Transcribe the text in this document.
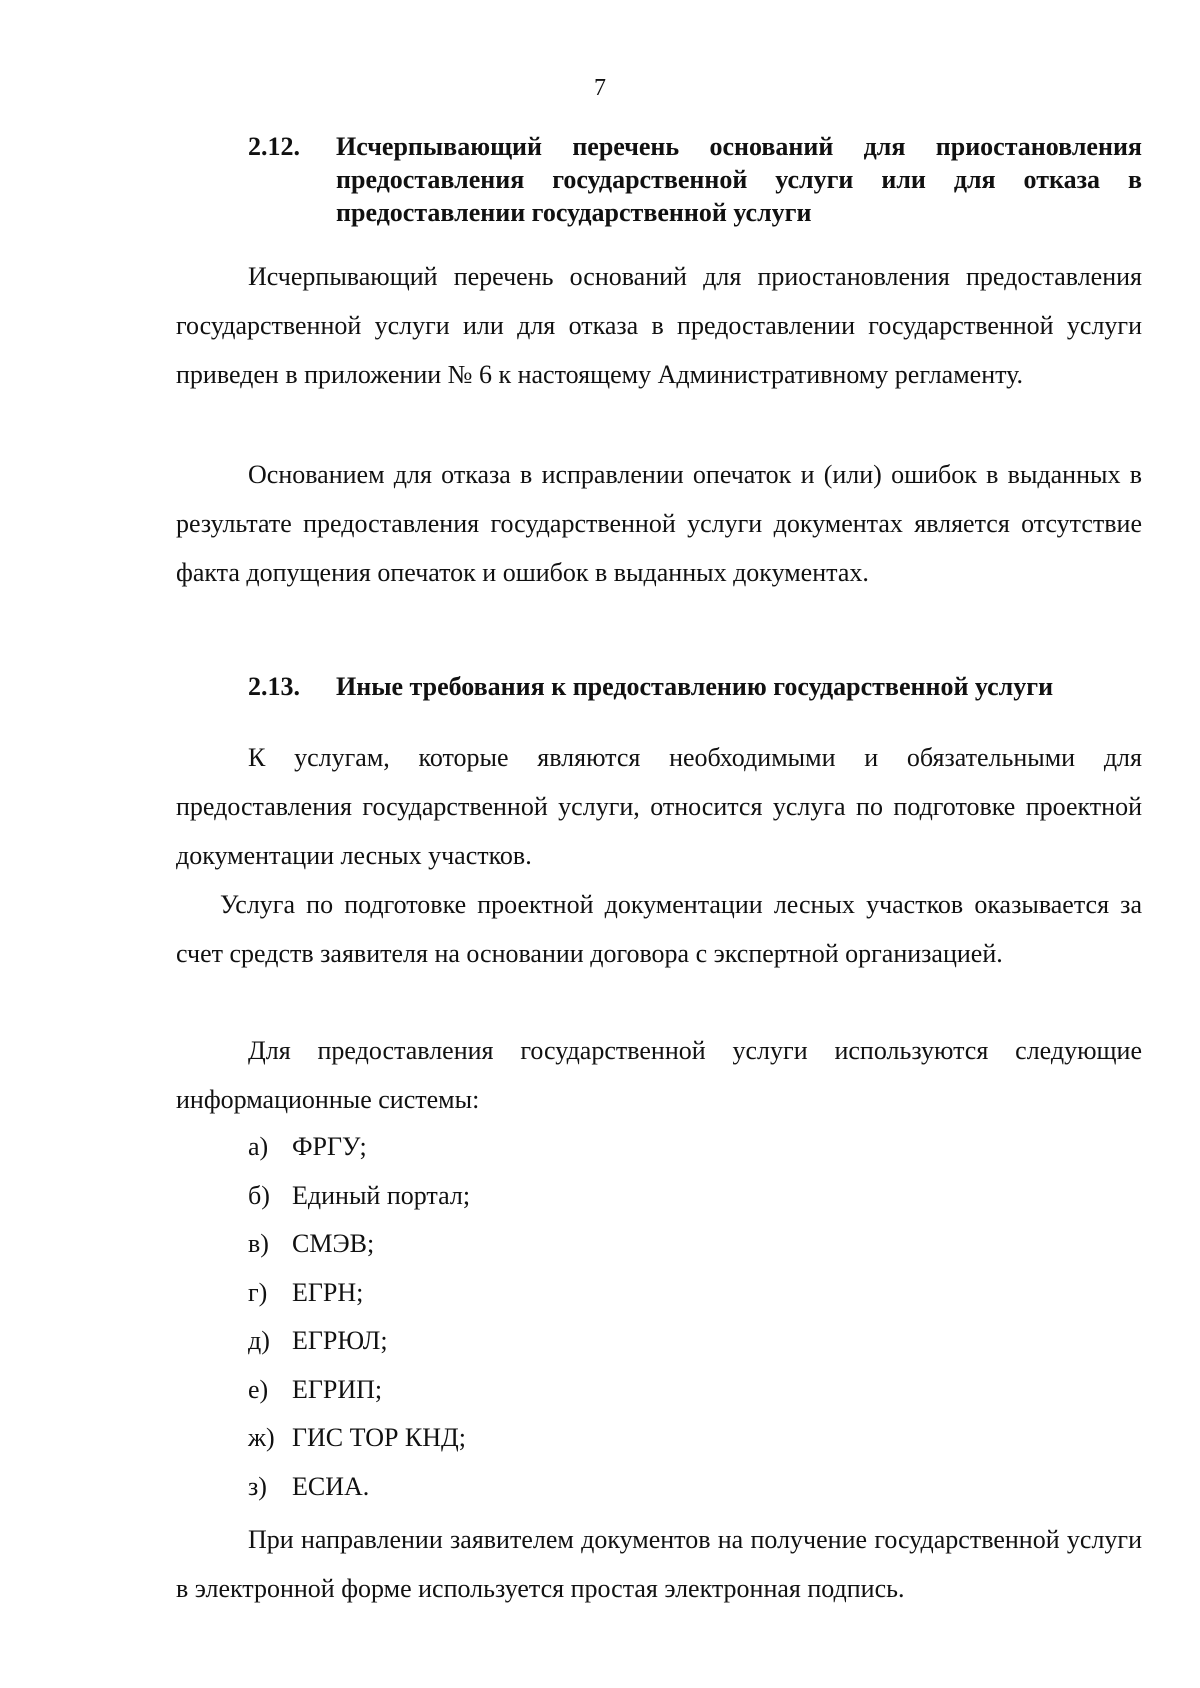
7
2.12.	Исчерпывающий перечень оснований для приостановления предоставления государственной услуги или для отказа в предоставлении государственной услуги

Исчерпывающий перечень оснований для приостановления предоставления государственной услуги или для отказа в предоставлении государственной услуги приведен в приложении № 6 к настоящему Административному регламенту.

Основанием для отказа в исправлении опечаток и (или) ошибок в выданных в результате предоставления государственной услуги документах является отсутствие факта допущения опечаток и ошибок в выданных документах.

2.13.	Иные требования к предоставлению государственной услуги

К услугам, которые являются необходимыми и обязательными для предоставления государственной услуги, относится услуга по подготовке проектной документации лесных участков.

Услуга по подготовке проектной документации лесных участков оказывается за счет средств заявителя на основании договора с экспертной организацией.

Для предоставления государственной услуги используются следующие информационные системы:

а) ФРГУ;
б) Единый портал;
в) СМЭВ;
г) ЕГРН;
д) ЕГРЮЛ;
е) ЕГРИП;
ж) ГИС ТОР КНД;
з) ЕСИА.

При направлении заявителем документов на получение государственной услуги в электронной форме используется простая электронная подпись.
